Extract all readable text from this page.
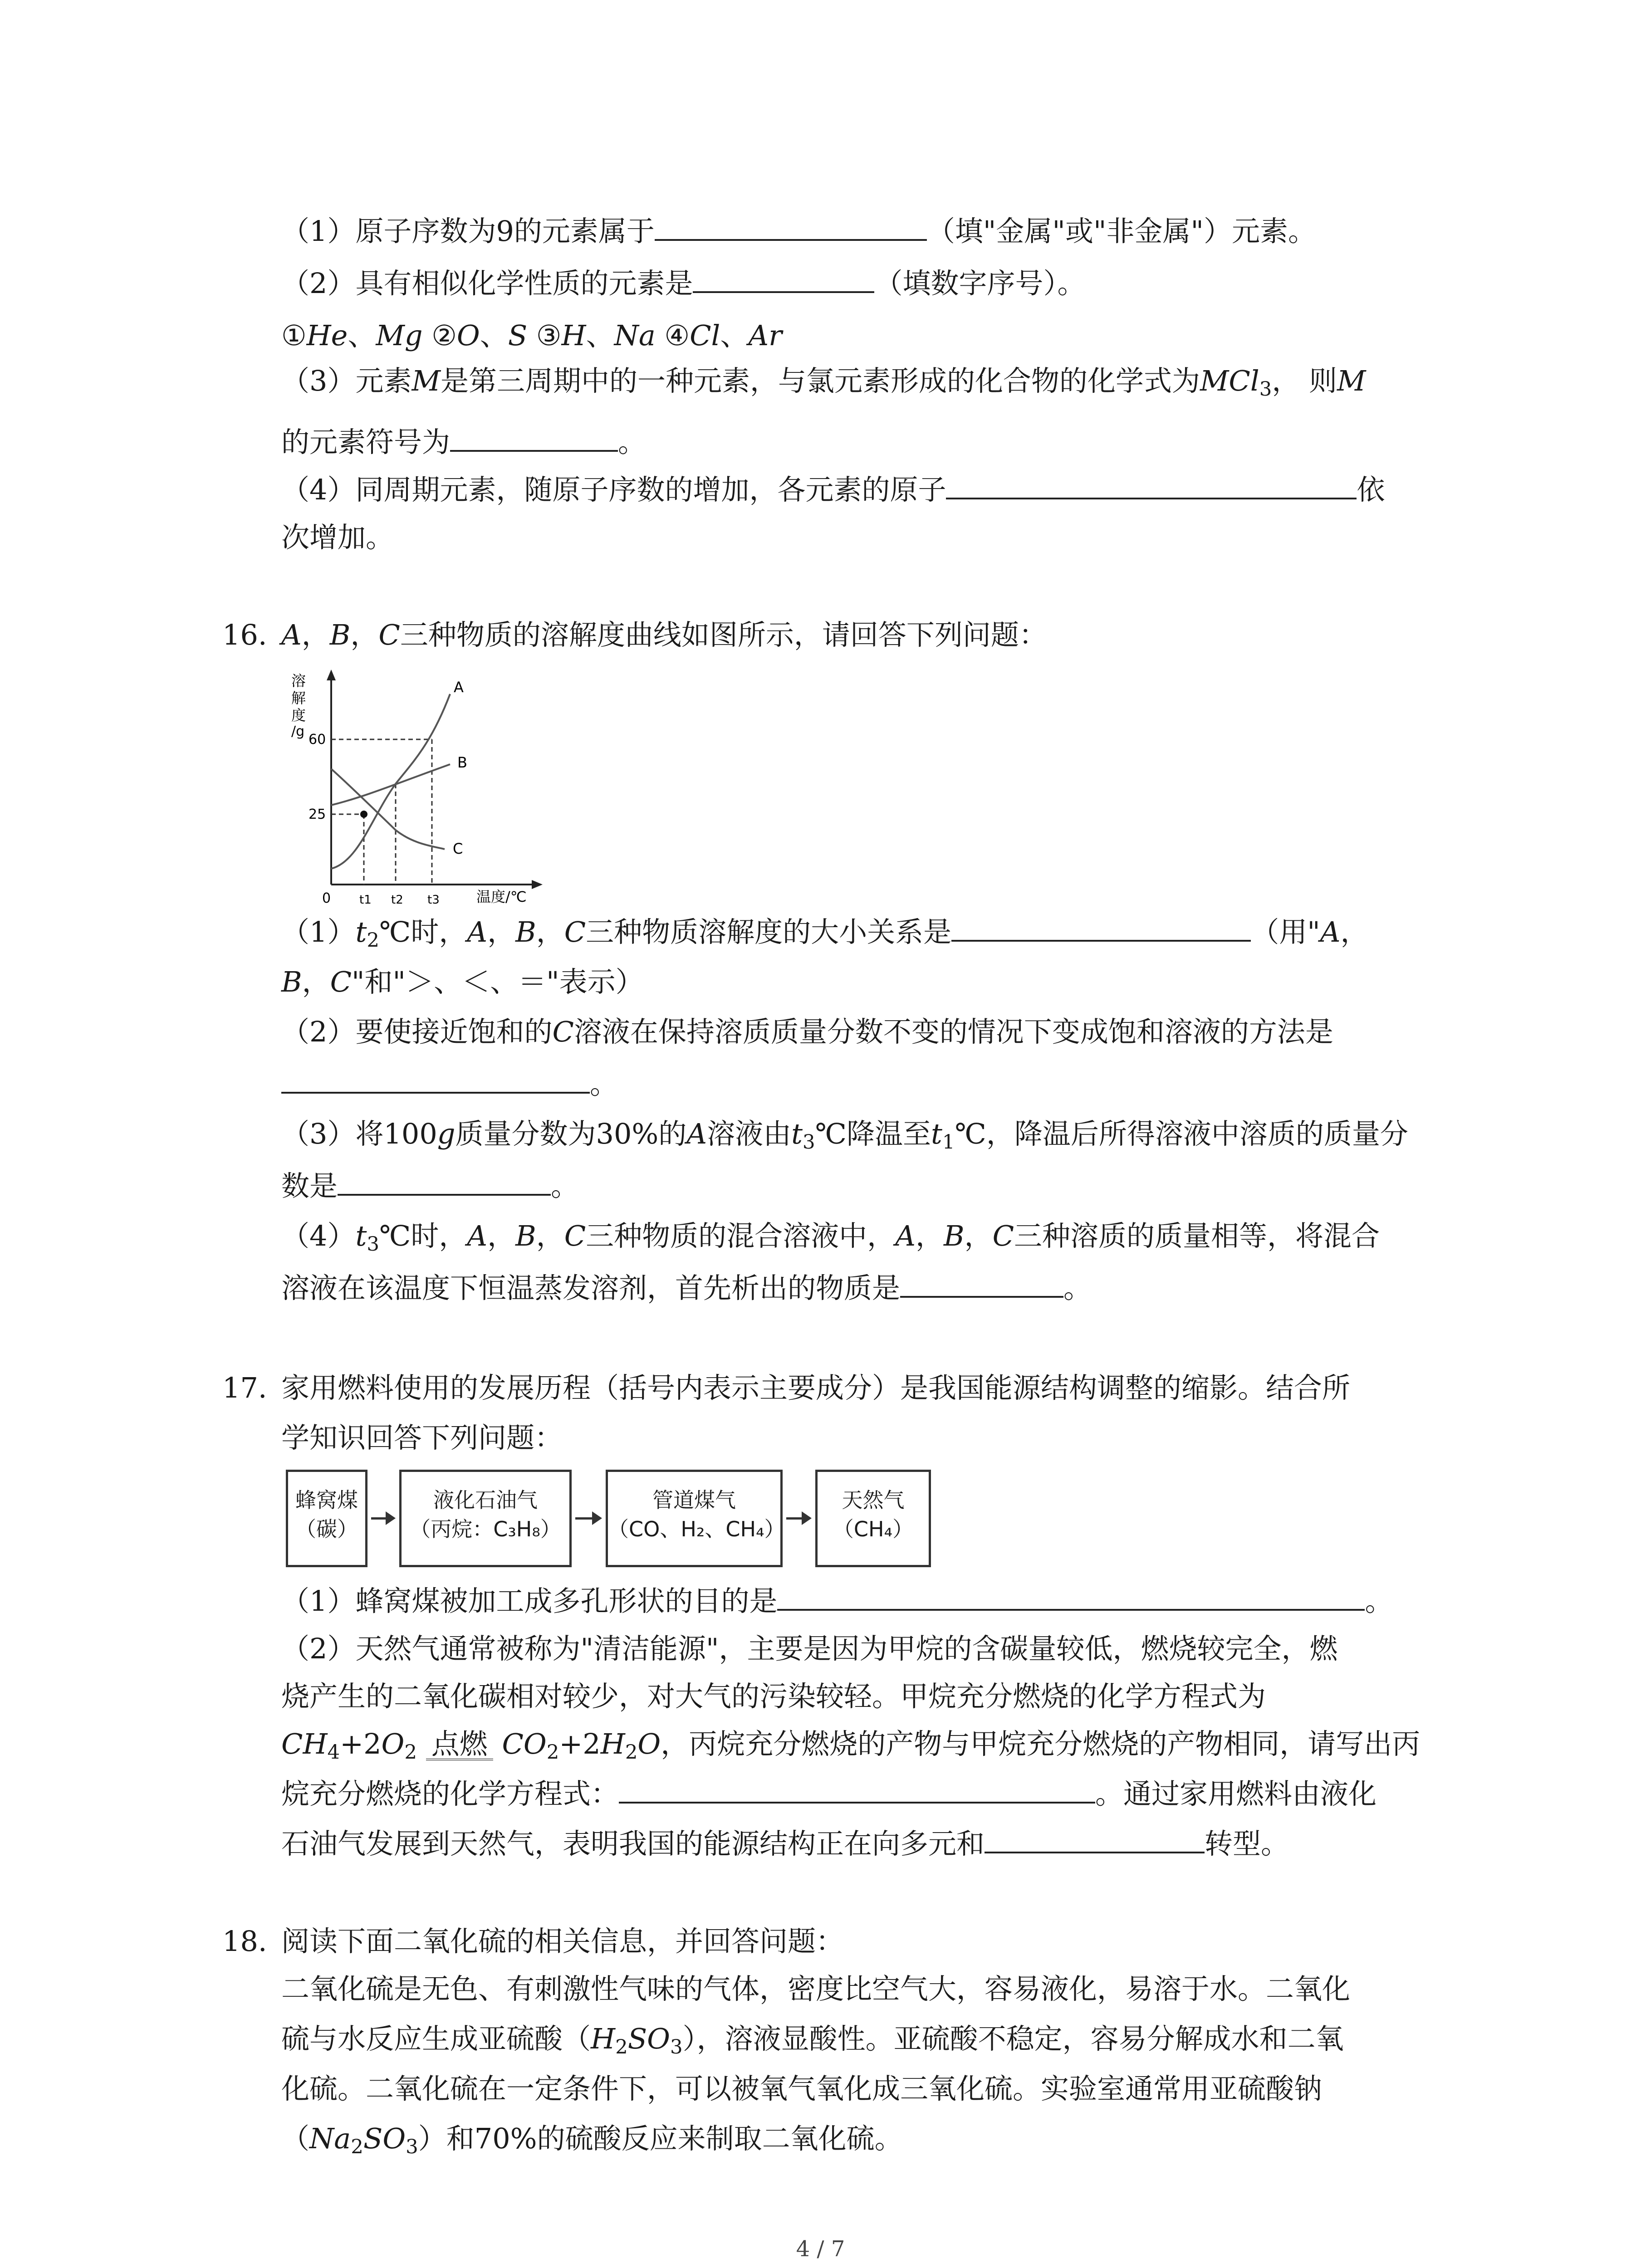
（1）原子序数为9的元素属于	（填"金属"或"非金属"）元素。
（2）具有相似化学性质的元素是	（填数字序号）。
①He、Mg ②O、S ③H、Na ④Cl、Ar
（3）元素M是第三周期中的一种元素，与氯元素形成的化合物的化学式为MCl$_3$， 则M
的元素符号为	。
（4）同周期元素，随原子序数的增加，各元素的原子	依
次增加。
16. A，B，C三种物质的溶解度曲线如图所示，请回答下列问题：
溶
解
度
/g
60
25
0 t1 t2 t3	温度/℃
A
B
C
$(1)t_2℃$时，A，B，C三种物质溶解度的大小关系是	（用"A，
B，C"和"＞、＜、＝"表示）
（2）要使接近饱和的C溶液在保持溶质质量分数不变的情况下变成饱和溶液的方法是
。
（3）将100g质量分数为30%的A溶液由$t_3℃$降温至$t_1℃$，降温后所得溶液中溶质的质量分
数是	。
$(4)t_3℃$时，A，B，C三种物质的混合溶液中，A，B，C三种溶质的质量相等，将混合
溶液在该温度下恒温蒸发溶剂，首先析出的物质是	。
17. 家用燃料使用的发展历程（括号内表示主要成分）是我国能源结构调整的缩影。结合所
学知识回答下列问题：
蜂窝煤
（碳）
液化石油气
（丙烷：C₃H₈）
管道煤气
（CO、H₂、CH₄）
天然气
（CH₄）
（1）蜂窝煤被加工成多孔形状的目的是	。
（2）天然气通常被称为"清洁能源"，主要是因为甲烷的含碳量较低，燃烧较完全，燃
烧产生的二氧化碳相对较少，对大气的污染较轻。甲烷充分燃烧的化学方程式为
$CH_4+2O_2$ 点燃 $CO_2+2H_2O$，丙烷充分燃烧的产物与甲烷充分燃烧的产物相同，请写出丙
烷充分燃烧的化学方程式：	。通过家用燃料由液化
石油气发展到天然气，表明我国的能源结构正在向多元和	转型。
18. 阅读下面二氧化硫的相关信息，并回答问题：
二氧化硫是无色、有刺激性气味的气体，密度比空气大，容易液化，易溶于水。二氧化
硫与水反应生成亚硫酸$(H_2SO_3)$，溶液显酸性。亚硫酸不稳定，容易分解成水和二氧
化硫。二氧化硫在一定条件下，可以被氧气氧化成三氧化硫。实验室通常用亚硫酸钠
$(Na_2SO_3)$和70%的硫酸反应来制取二氧化硫。
4 / 7
